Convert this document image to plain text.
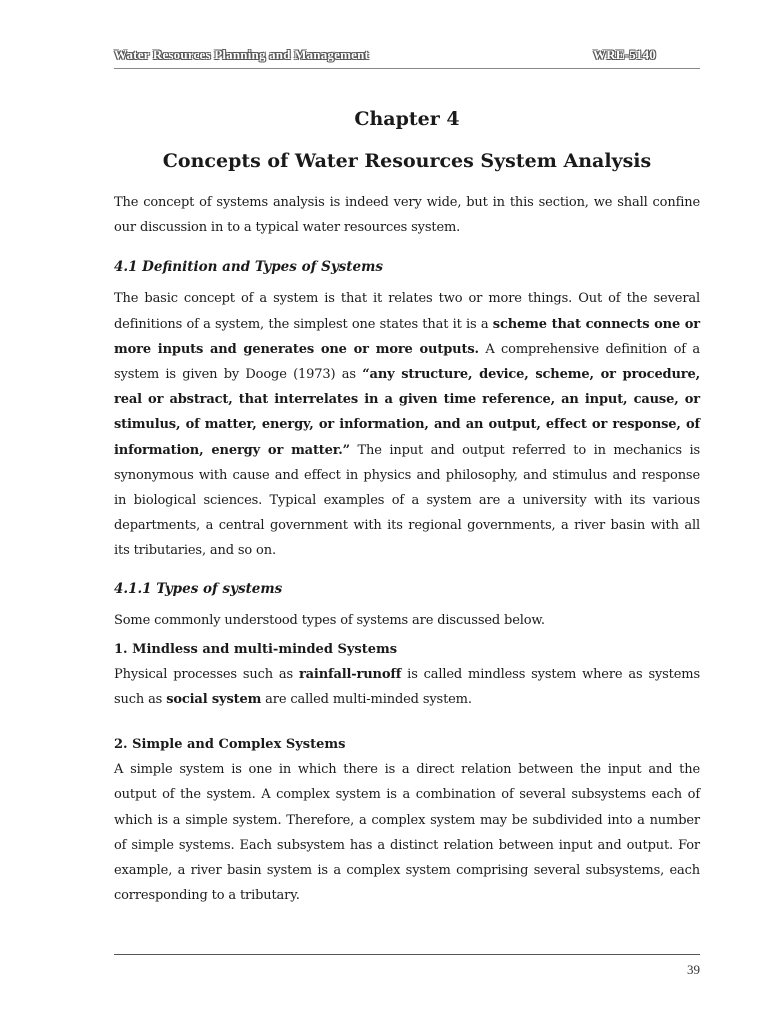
Water Resources Planning and Management	WRE-5140
Chapter 4
Concepts of Water Resources System Analysis

The concept of systems analysis is indeed very wide, but in this section, we shall confine our discussion in to a typical water resources system.

4.1 Definition and Types of Systems

The basic concept of a system is that it relates two or more things. Out of the several definitions of a system, the simplest one states that it is a scheme that connects one or more inputs and generates one or more outputs. A comprehensive definition of a system is given by Dooge (1973) as “any structure, device, scheme, or procedure, real or abstract, that interrelates in a given time reference, an input, cause, or stimulus, of matter, energy, or information, and an output, effect or response, of information, energy or matter.” The input and output referred to in mechanics is synonymous with cause and effect in physics and philosophy, and stimulus and response in biological sciences. Typical examples of a system are a university with its various departments, a central government with its regional governments, a river basin with all its tributaries, and so on.

4.1.1 Types of systems

Some commonly understood types of systems are discussed below.

1. Mindless and multi-minded Systems

Physical processes such as rainfall-runoff is called mindless system where as systems such as social system are called multi-minded system.

2. Simple and Complex Systems

A simple system is one in which there is a direct relation between the input and the output of the system. A complex system is a combination of several subsystems each of which is a simple system. Therefore, a complex system may be subdivided into a number of simple systems. Each subsystem has a distinct relation between input and output. For example, a river basin system is a complex system comprising several subsystems, each corresponding to a tributary.

39
